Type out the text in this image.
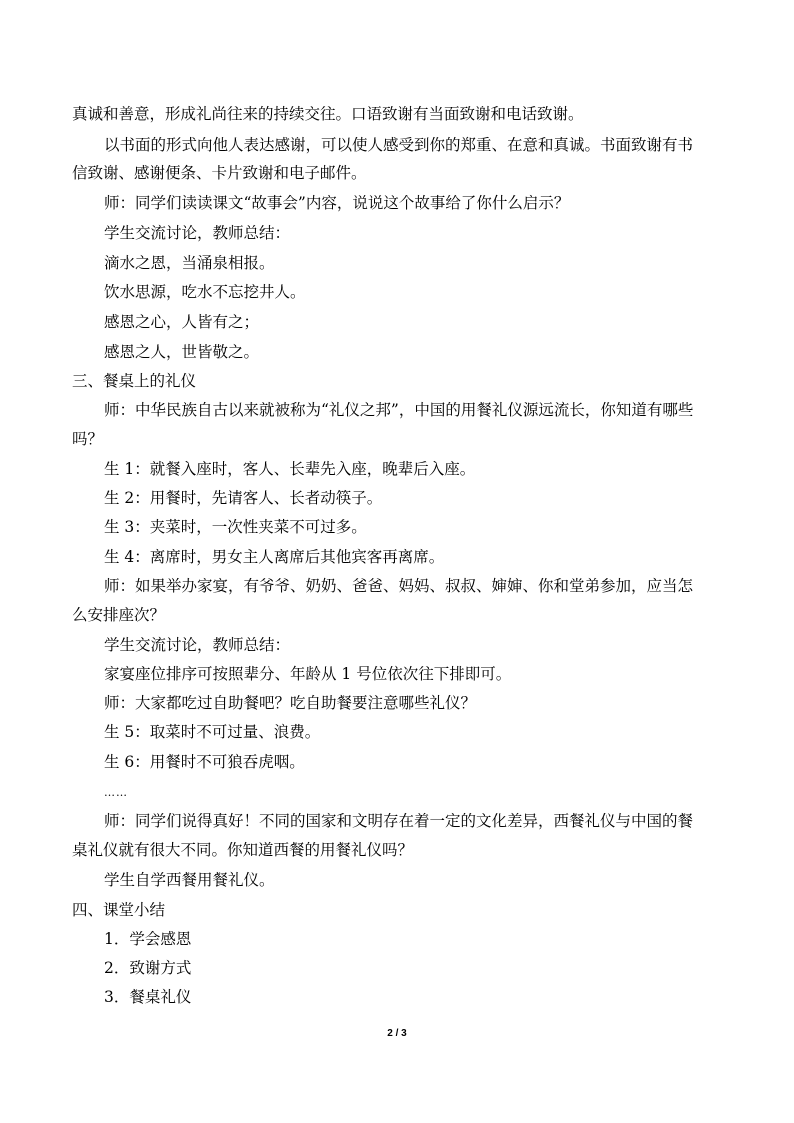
真诚和善意，形成礼尚往来的持续交往。口语致谢有当面致谢和电话致谢。
以书面的形式向他人表达感谢，可以使人感受到你的郑重、在意和真诚。书面致谢有书
信致谢、感谢便条、卡片致谢和电子邮件。
师：同学们读读课文“故事会”内容，说说这个故事给了你什么启示？
学生交流讨论，教师总结：
滴水之恩，当涌泉相报。
饮水思源，吃水不忘挖井人。
感恩之心，人皆有之；
感恩之人，世皆敬之。
三、餐桌上的礼仪
师：中华民族自古以来就被称为“礼仪之邦”，中国的用餐礼仪源远流长，你知道有哪些
吗？
生 1：就餐入座时，客人、长辈先入座，晚辈后入座。
生 2：用餐时，先请客人、长者动筷子。
生 3：夹菜时，一次性夹菜不可过多。
生 4：离席时，男女主人离席后其他宾客再离席。
师：如果举办家宴，有爷爷、奶奶、爸爸、妈妈、叔叔、婶婶、你和堂弟参加，应当怎
么安排座次？
学生交流讨论，教师总结：
家宴座位排序可按照辈分、年龄从 1 号位依次往下排即可。
师：大家都吃过自助餐吧？吃自助餐要注意哪些礼仪？
生 5：取菜时不可过量、浪费。
生 6：用餐时不可狼吞虎咽。
……
师：同学们说得真好！不同的国家和文明存在着一定的文化差异，西餐礼仪与中国的餐
桌礼仪就有很大不同。你知道西餐的用餐礼仪吗？
学生自学西餐用餐礼仪。
四、课堂小结
1．学会感恩
2．致谢方式
3．餐桌礼仪
2 / 3
